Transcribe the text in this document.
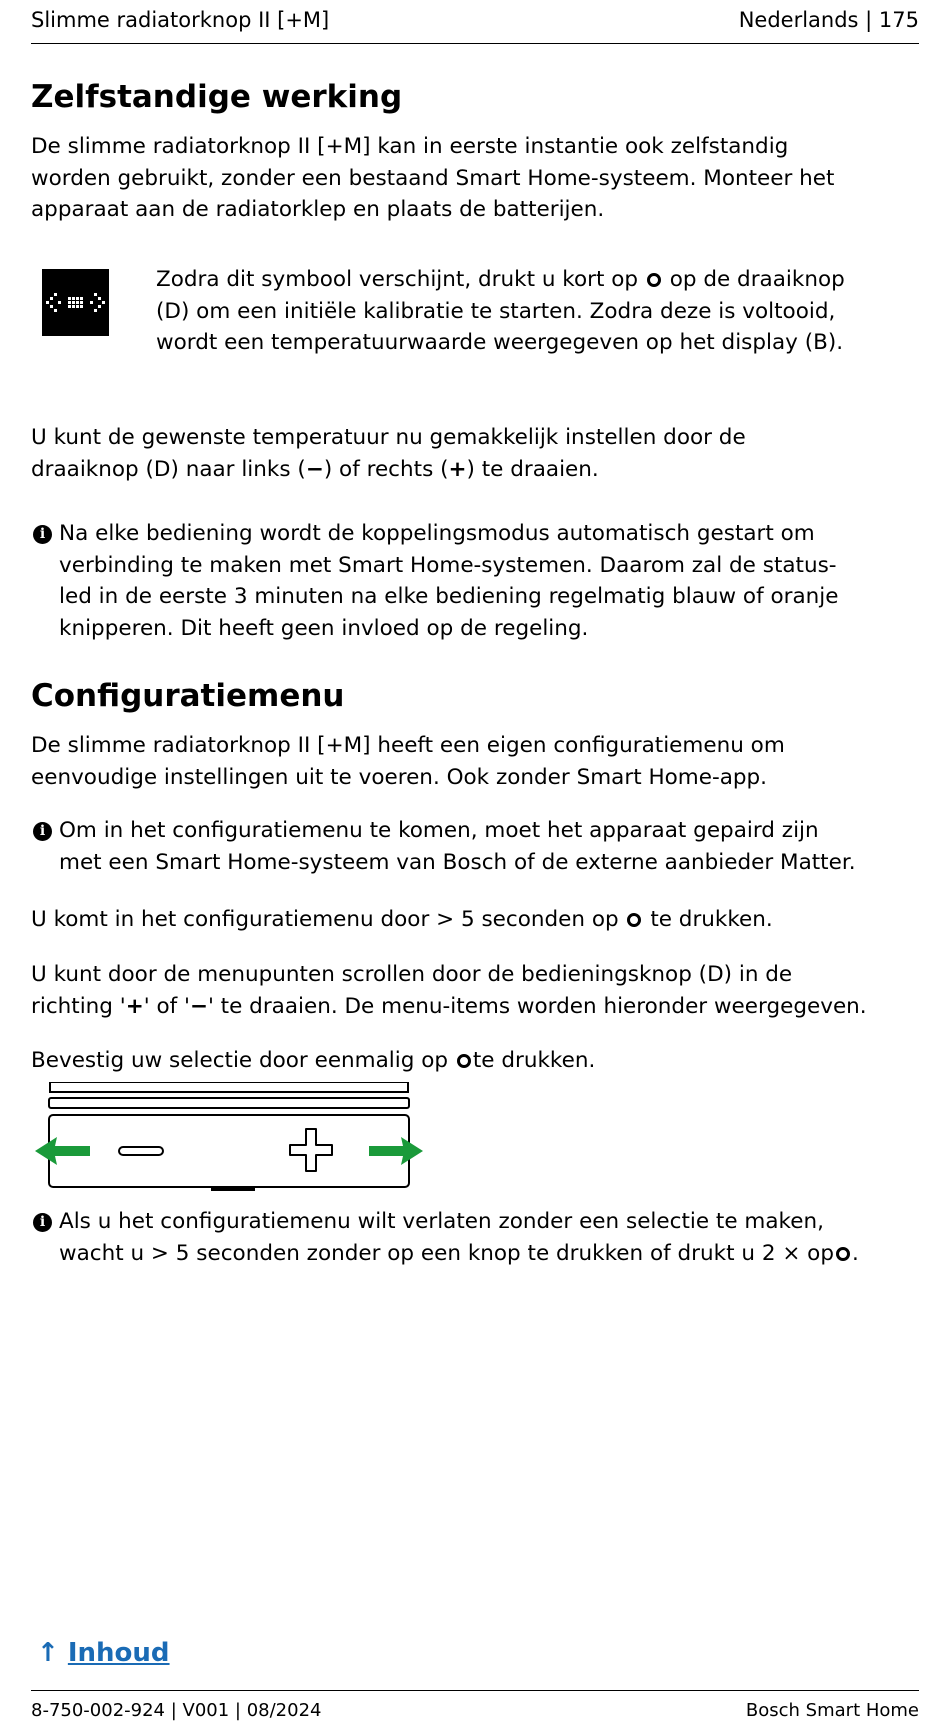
Slimme radiatorknop II [+M]	Nederlands | 175
Zelfstandige werking
De slimme radiatorknop II [+M] kan in eerste instantie ook zelfstandig
worden gebruikt, zonder een bestaand Smart Home-systeem. Monteer het
apparaat aan de radiatorklep en plaats de batterijen.
Zodra dit symbool verschijnt, drukt u kort op  op de draaiknop
(D) om een initiële kalibratie te starten. Zodra deze is voltooid,
wordt een temperatuurwaarde weergegeven op het display (B).
U kunt de gewenste temperatuur nu gemakkelijk instellen door de
draaiknop (D) naar links (−) of rechts (+) te draaien.
i Na elke bediening wordt de koppelingsmodus automatisch gestart om
verbinding te maken met Smart Home-systemen. Daarom zal de status-
led in de eerste 3 minuten na elke bediening regelmatig blauw of oranje
knipperen. Dit heeft geen invloed op de regeling.
Configuratiemenu
De slimme radiatorknop II [+M] heeft een eigen configuratiemenu om
eenvoudige instellingen uit te voeren. Ook zonder Smart Home-app.
i Om in het configuratiemenu te komen, moet het apparaat gepaird zijn
met een Smart Home-systeem van Bosch of de externe aanbieder Matter.
U komt in het configuratiemenu door > 5 seconden op  te drukken.
U kunt door de menupunten scrollen door de bedieningsknop (D) in de
richting '+' of '−' te draaien. De menu-items worden hieronder weergegeven.
Bevestig uw selectie door eenmalig op te drukken.
i Als u het configuratiemenu wilt verlaten zonder een selectie te maken,
wacht u > 5 seconden zonder op een knop te drukken of drukt u 2 × op .
↑ Inhoud
8-750-002-924 | V001 | 08/2024	Bosch Smart Home
